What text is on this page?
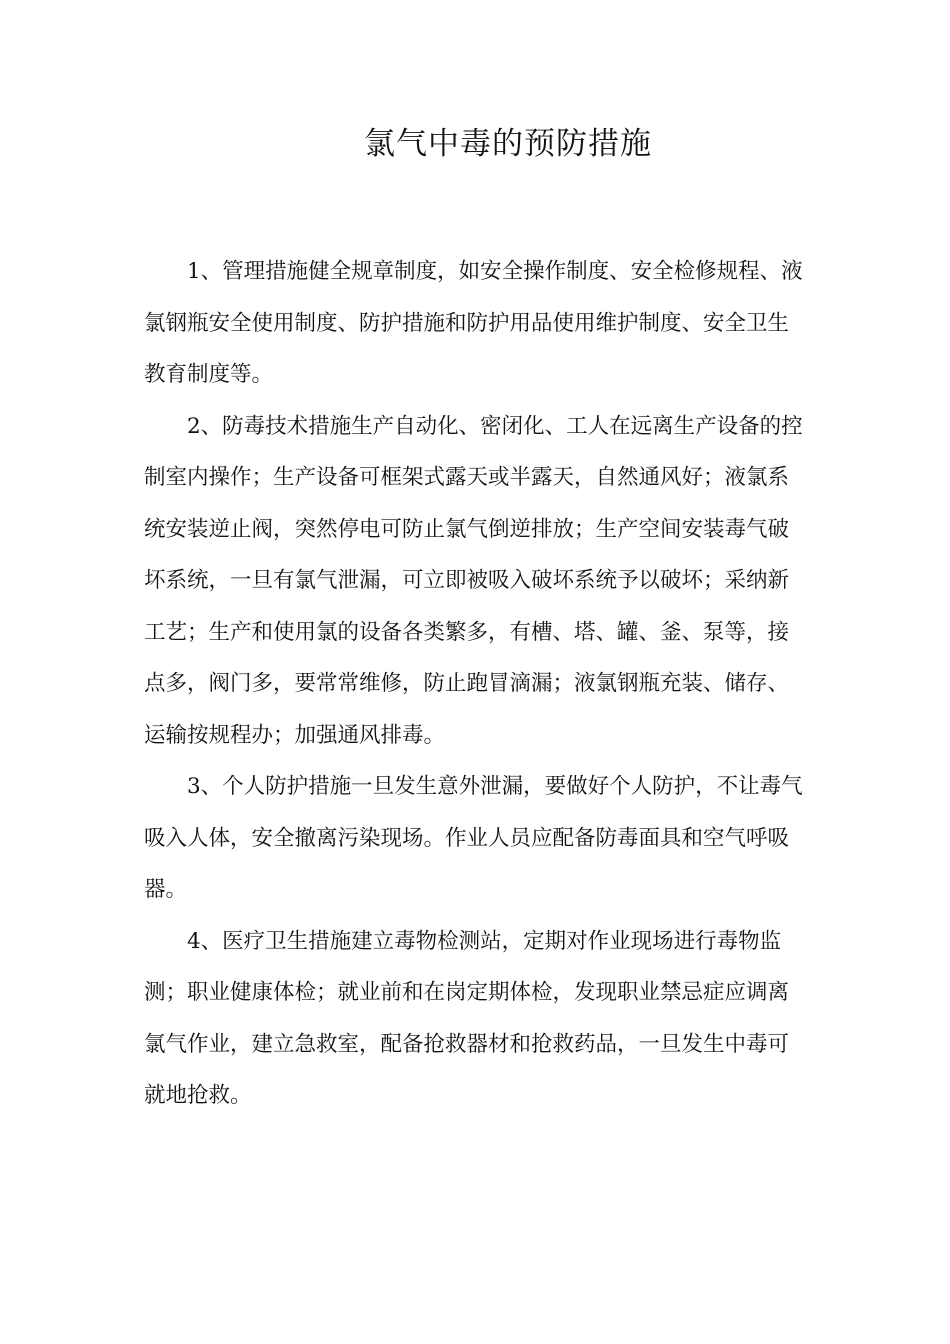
氯气中毒的预防措施

1、管理措施健全规章制度，如安全操作制度、安全检修规程、液氯钢瓶安全使用制度、防护措施和防护用品使用维护制度、安全卫生教育制度等。

2、防毒技术措施生产自动化、密闭化、工人在远离生产设备的控制室内操作；生产设备可框架式露天或半露天，自然通风好；液氯系统安装逆止阀，突然停电可防止氯气倒逆排放；生产空间安装毒气破坏系统，一旦有氯气泄漏，可立即被吸入破坏系统予以破坏；采纳新工艺；生产和使用氯的设备各类繁多，有槽、塔、罐、釜、泵等，接点多，阀门多，要常常维修，防止跑冒滴漏；液氯钢瓶充装、储存、运输按规程办；加强通风排毒。

3、个人防护措施一旦发生意外泄漏，要做好个人防护，不让毒气吸入人体，安全撤离污染现场。作业人员应配备防毒面具和空气呼吸器。

4、医疗卫生措施建立毒物检测站，定期对作业现场进行毒物监测；职业健康体检；就业前和在岗定期体检，发现职业禁忌症应调离氯气作业，建立急救室，配备抢救器材和抢救药品，一旦发生中毒可就地抢救。
